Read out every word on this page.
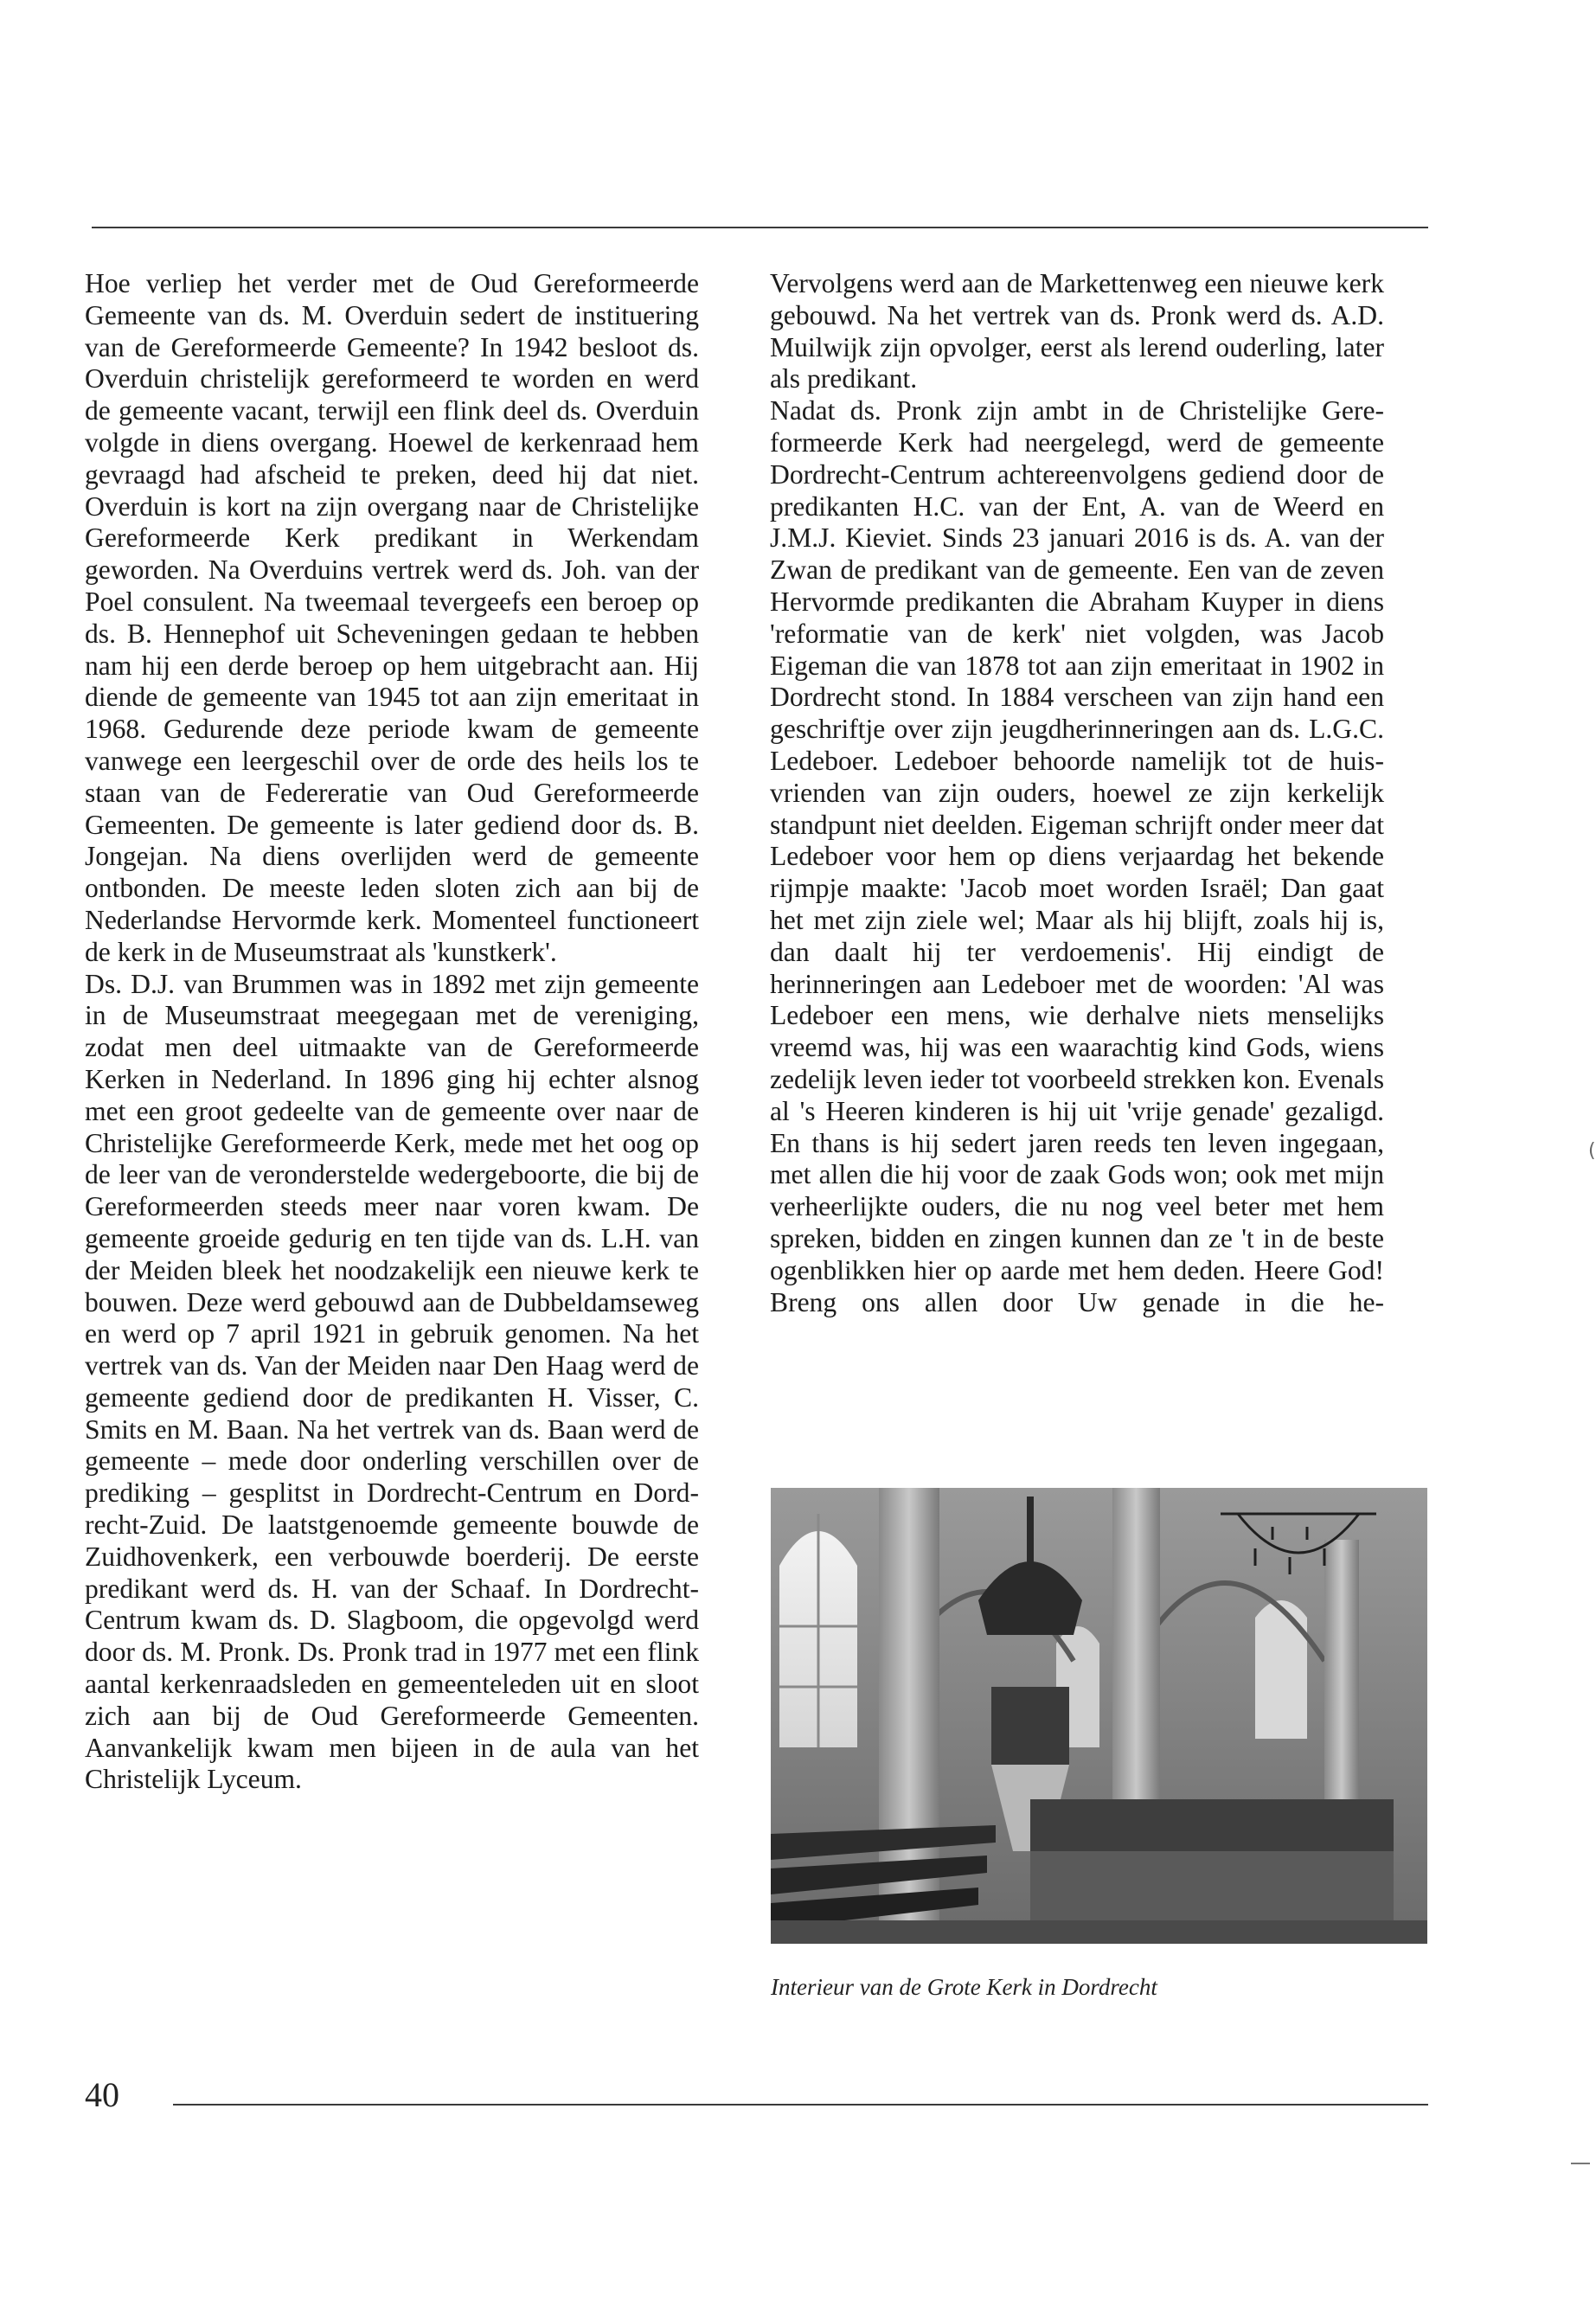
Hoe verliep het verder met de Oud Gereformeerde Gemeente van ds. M. Overduin sedert de instituering van de Gereformeerde Gemeente? In 1942 besloot ds. Overduin christelijk gereformeerd te worden en werd de gemeente vacant, terwijl een flink deel ds. Overduin volgde in diens overgang. Hoewel de kerkenraad hem gevraagd had afscheid te preken, deed hij dat niet. Overduin is kort na zijn overgang naar de Christelijke Gereformeerde Kerk predikant in Werkendam geworden. Na Overduins vertrek werd ds. Joh. van der Poel consulent. Na tweemaal tevergeefs een beroep op ds. B. Hennephof uit Scheveningen gedaan te hebben nam hij een derde beroep op hem uitgebracht aan. Hij diende de gemeente van 1945 tot aan zijn emeritaat in 1968. Gedurende deze periode kwam de gemeente vanwege een leergeschil over de orde des heils los te staan van de Federeratie van Oud Gereformeerde Gemeenten. De gemeente is later gediend door ds. B. Jongejan. Na diens overlijden werd de gemeente ontbonden. De meeste leden sloten zich aan bij de Nederlandse Hervormde kerk. Momenteel functioneert de kerk in de Museumstraat als 'kunstkerk'.

Ds. D.J. van Brummen was in 1892 met zijn gemeente in de Museumstraat meegegaan met de vereniging, zodat men deel uitmaakte van de Gereformeerde Kerken in Nederland. In 1896 ging hij echter alsnog met een groot gedeelte van de gemeente over naar de Christelijke Gereformeerde Kerk, mede met het oog op de leer van de veronderstelde wedergeboorte, die bij de Gereformeerden steeds meer naar voren kwam. De gemeente groeide gedurig en ten tijde van ds. L.H. van der Meiden bleek het noodzakelijk een nieuwe kerk te bouwen. Deze werd gebouwd aan de Dubbeldamseweg en werd op 7 april 1921 in gebruik genomen. Na het vertrek van ds. Van der Meiden naar Den Haag werd de gemeente gediend door de predikanten H. Visser, C. Smits en M. Baan. Na het vertrek van ds. Baan werd de gemeente – mede door onderling verschillen over de prediking – gesplitst in Dordrecht-Centrum en Dordrecht-Zuid. De laatstgenoemde gemeente bouwde de Zuidhovenkerk, een verbouwde boerderij. De eerste predikant werd ds. H. van der Schaaf. In Dordrecht-Centrum kwam ds. D. Slagboom, die opgevolgd werd door ds. M. Pronk. Ds. Pronk trad in 1977 met een flink aantal kerkenraadsleden en gemeenteleden uit en sloot zich aan bij de Oud Gereformeerde Gemeenten. Aanvankelijk kwam men bijeen in de aula van het Christelijk Lyceum.

Vervolgens werd aan de Markettenweg een nieuwe kerk gebouwd. Na het vertrek van ds. Pronk werd ds. A.D. Muilwijk zijn opvolger, eerst als lerend ouderling, later als predikant.

Nadat ds. Pronk zijn ambt in de Christelijke Gereformeerde Kerk had neergelegd, werd de gemeente Dordrecht-Centrum achtereenvolgens gediend door de predikanten H.C. van der Ent, A. van de Weerd en J.M.J. Kieviet. Sinds 23 januari 2016 is ds. A. van der Zwan de predikant van de gemeente. Een van de zeven Hervormde predikanten die Abraham Kuyper in diens 'reformatie van de kerk' niet volgden, was Jacob Eigeman die van 1878 tot aan zijn emeritaat in 1902 in Dordrecht stond. In 1884 verscheen van zijn hand een geschriftje over zijn jeugdherinneringen aan ds. L.G.C. Ledeboer. Ledeboer behoorde namelijk tot de huisvrienden van zijn ouders, hoewel ze zijn kerkelijk standpunt niet deelden. Eigeman schrijft onder meer dat Ledeboer voor hem op diens verjaardag het bekende rijmpje maakte: 'Jacob moet worden Israël; Dan gaat het met zijn ziele wel; Maar als hij blijft, zoals hij is, dan daalt hij ter verdoemenis'. Hij eindigt de herinneringen aan Ledeboer met de woorden: 'Al was Ledeboer een mens, wie derhalve niets menselijks vreemd was, hij was een waarachtig kind Gods, wiens zedelijk leven ieder tot voorbeeld strekken kon. Evenals al 's Heeren kinderen is hij uit 'vrije genade' gezaligd. En thans is hij sedert jaren reeds ten leven ingegaan, met allen die hij voor de zaak Gods won; ook met mijn verheerlijkte ouders, die nu nog veel beter met hem spreken, bidden en zingen kunnen dan ze 't in de beste ogenblikken hier op aarde met hem deden. Heere God! Breng ons allen door Uw genade in die he-

Interieur van de Grote Kerk in Dordrecht
40
(
